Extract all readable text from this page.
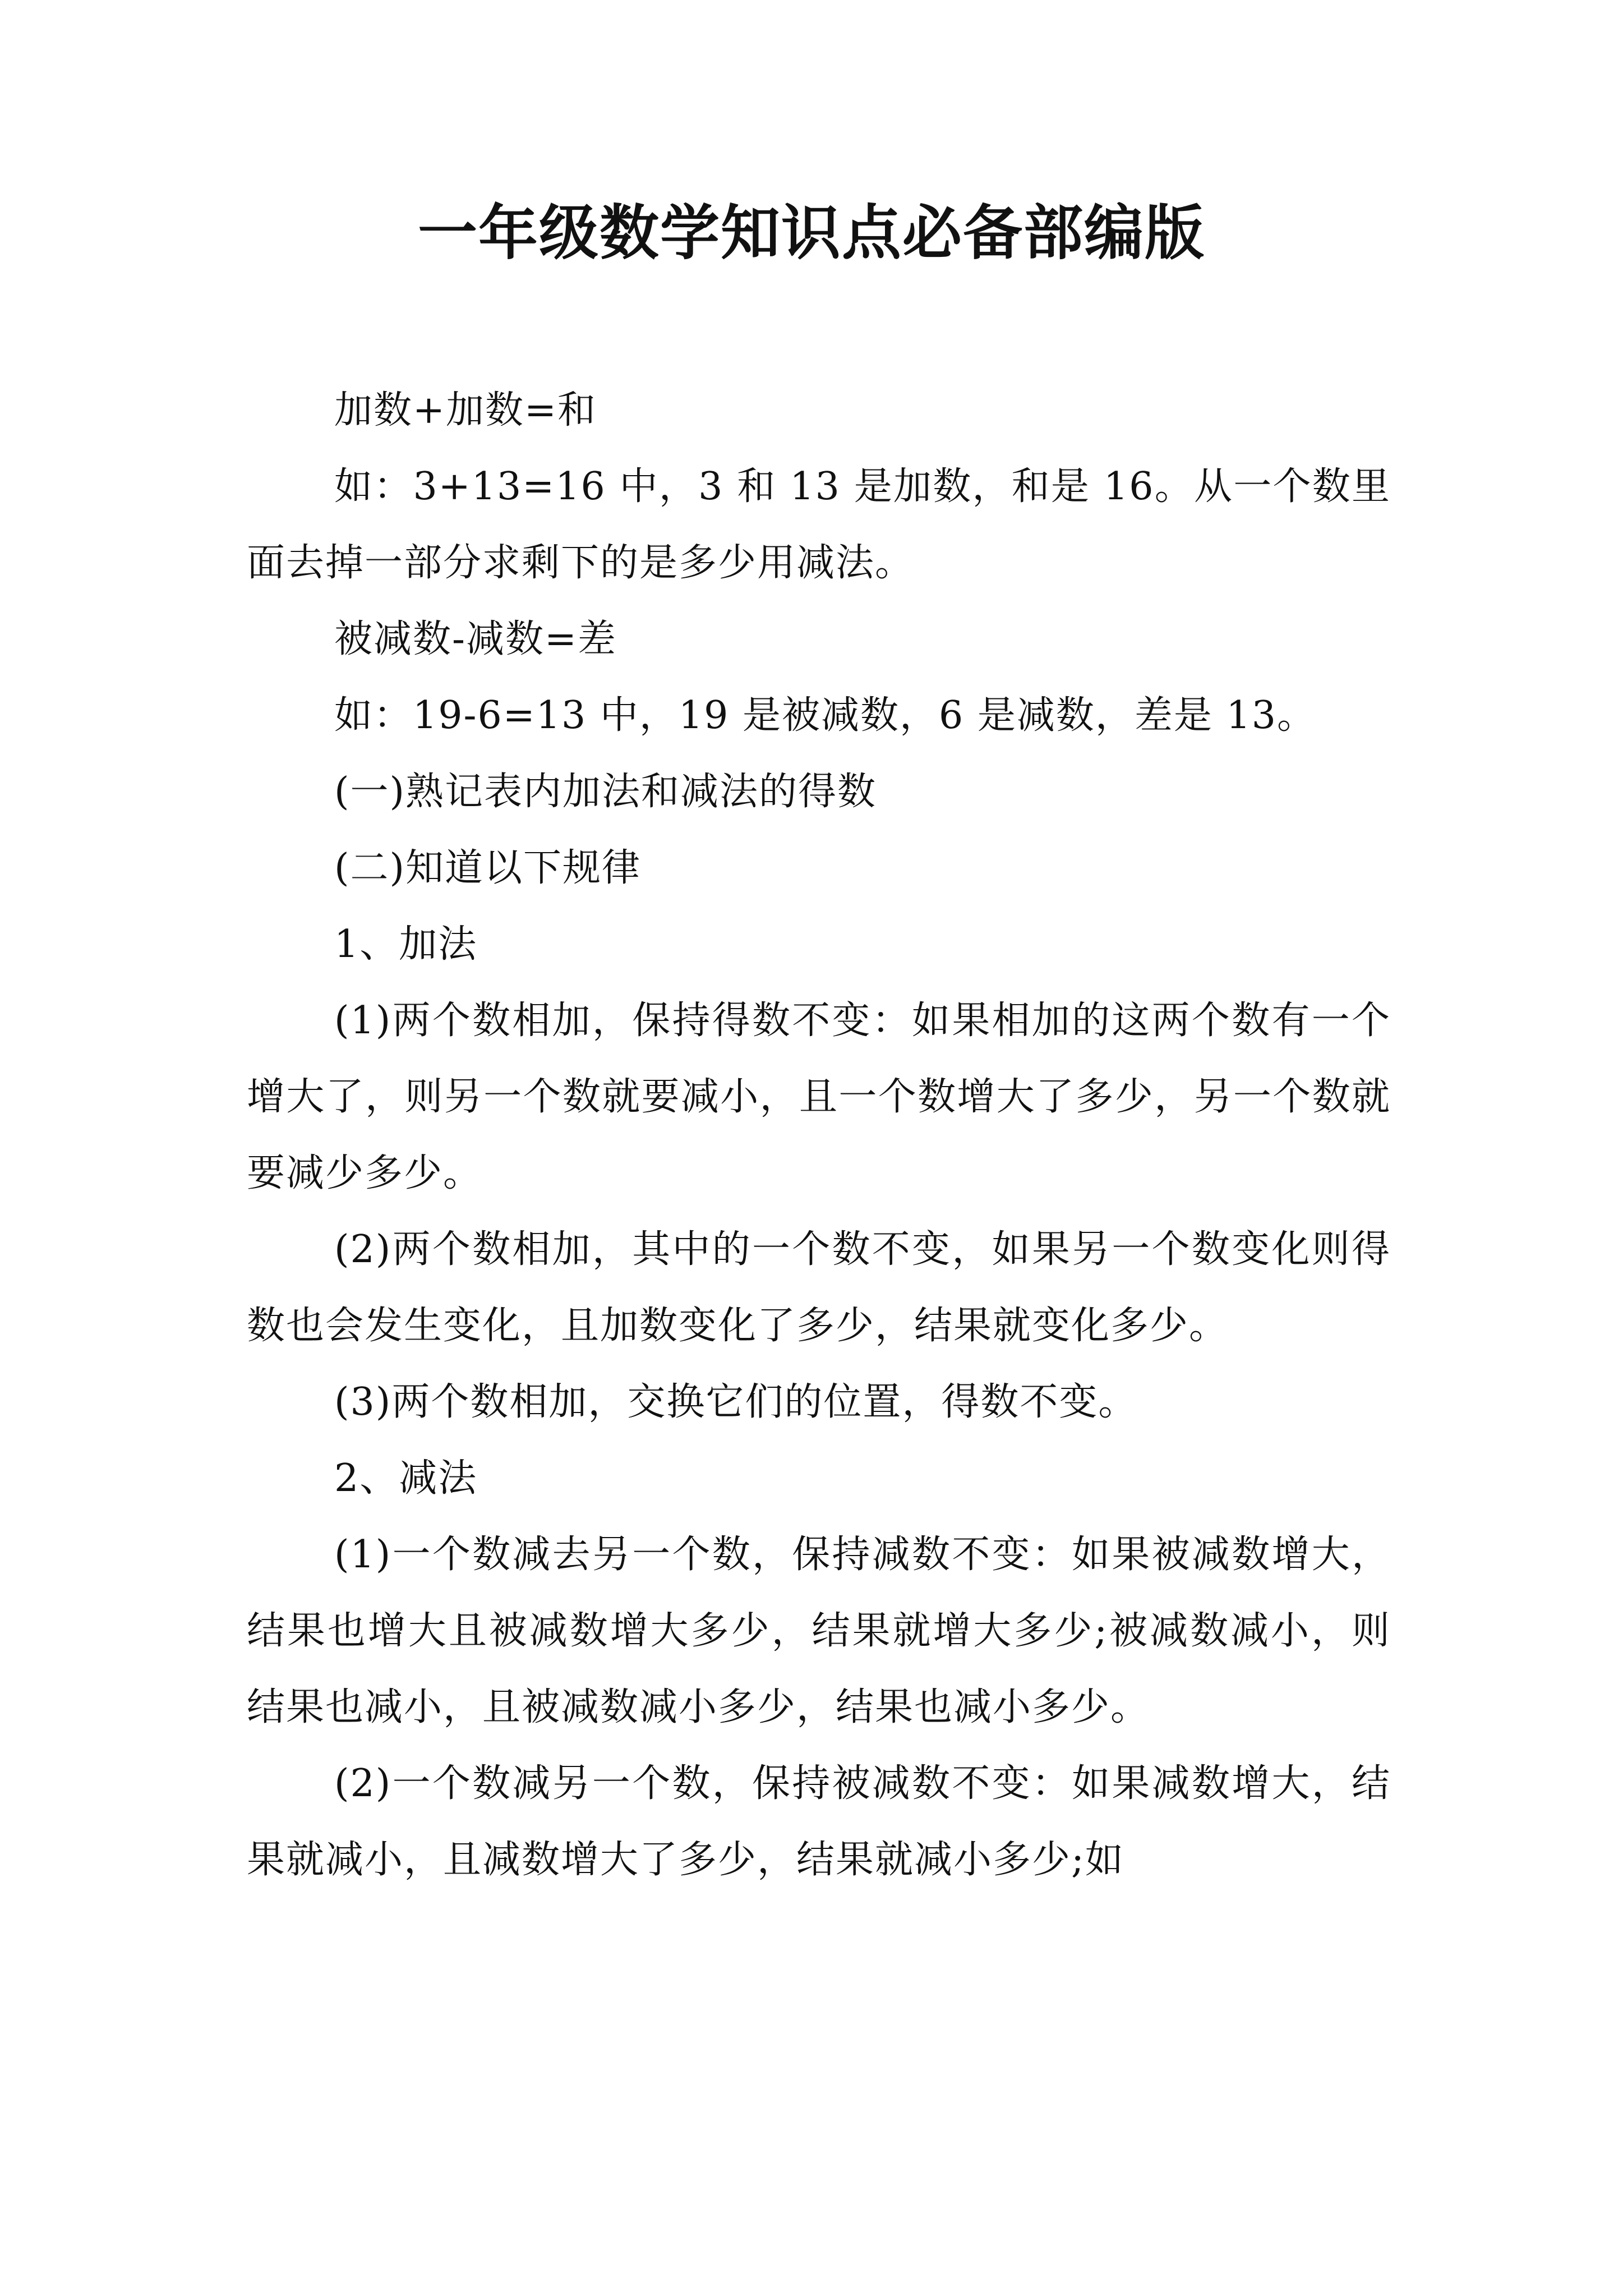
一年级数学知识点必备部编版

加数+加数=和

如：3+13=16 中，3 和 13 是加数，和是 16。从一个数里面去掉一部分求剩下的是多少用减法。

被减数-减数=差

如：19-6=13 中，19 是被减数，6 是减数，差是 13。

(一)熟记表内加法和减法的得数

(二)知道以下规律

1、加法

(1)两个数相加，保持得数不变：如果相加的这两个数有一个增大了，则另一个数就要减小，且一个数增大了多少，另一个数就要减少多少。

(2)两个数相加，其中的一个数不变，如果另一个数变化则得数也会发生变化，且加数变化了多少，结果就变化多少。

(3)两个数相加，交换它们的位置，得数不变。

2、减法

(1)一个数减去另一个数，保持减数不变：如果被减数增大，结果也增大且被减数增大多少，结果就增大多少;被减数减小，则结果也减小，且被减数减小多少，结果也减小多少。

(2)一个数减另一个数，保持被减数不变：如果减数增大，结果就减小，且减数增大了多少，结果就减小多少;如
